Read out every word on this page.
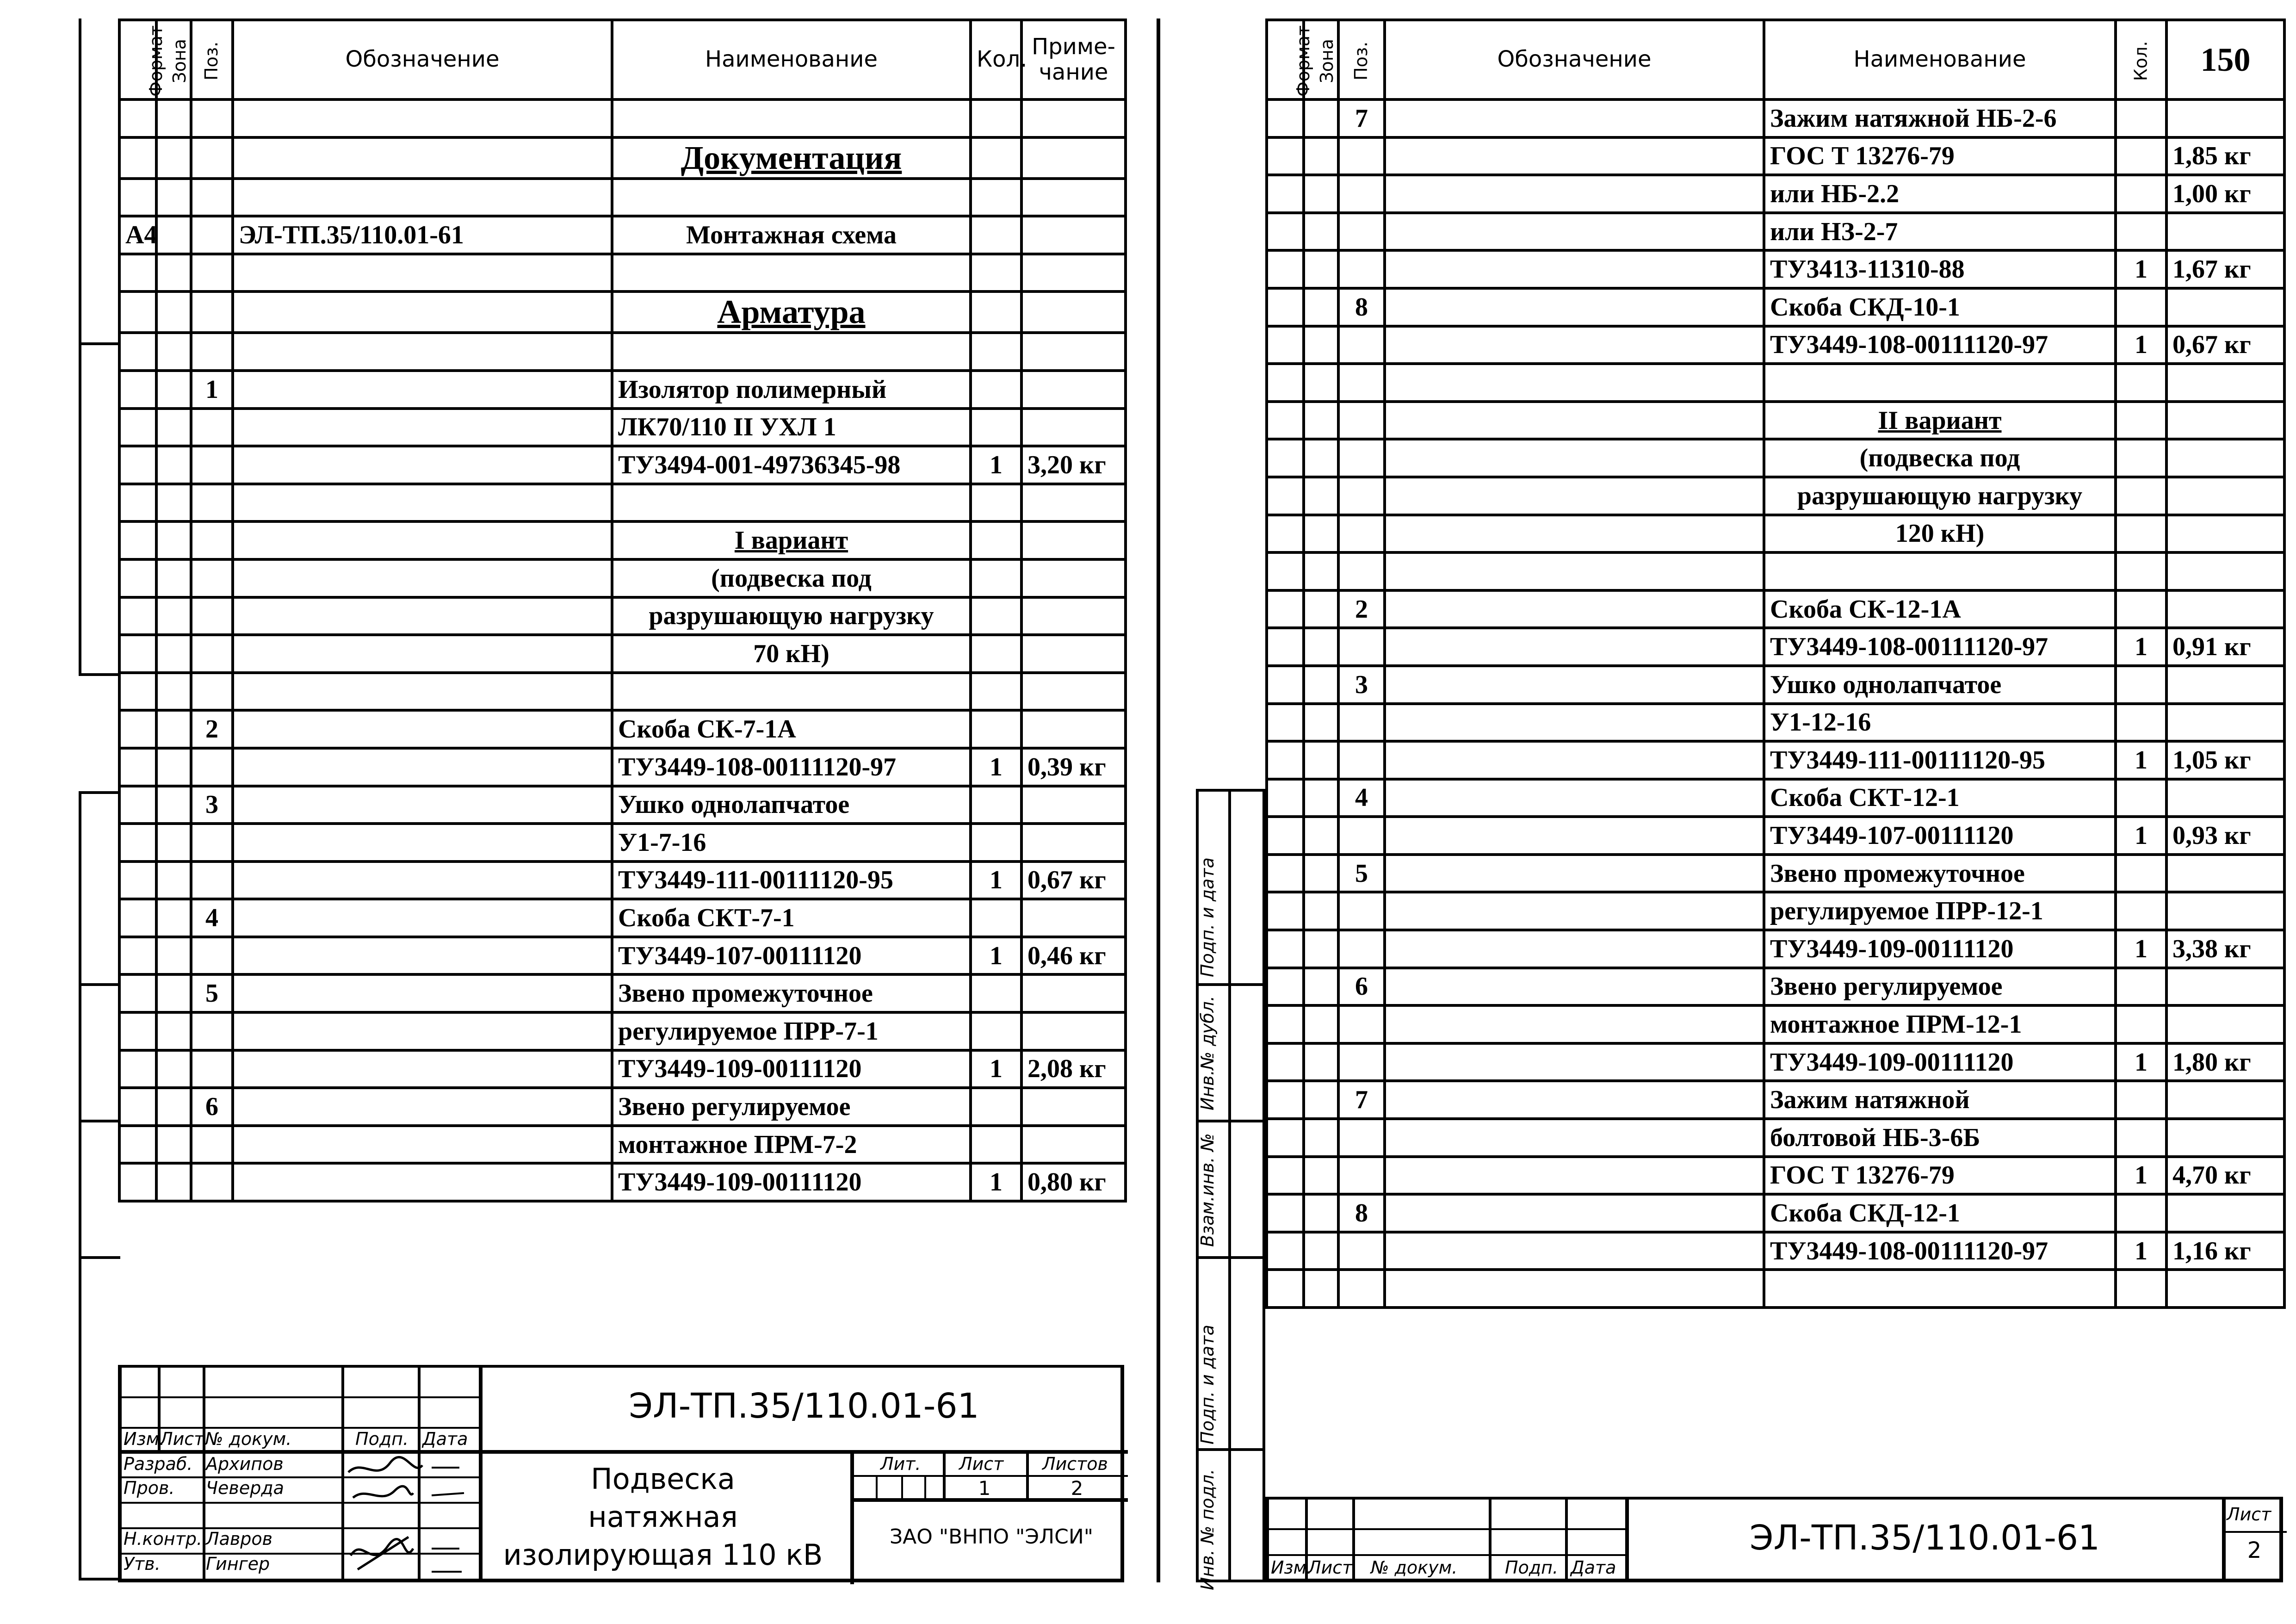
Формат	Зона	Поз.	Обозначение	Наименование	Кол.	Приме-
чание

				Документация		

А4			ЭЛ-ТП.35/110.01-61	Монтажная схема		

				Арматура		

		1		Изолятор полимерный		
				ЛК70/110 II УХЛ 1		
				ТУ3494-001-49736345-98	1	3,20 кг

				I вариант		
				(подвеска под		
				разрушающую нагрузку		
				70 кН)		

		2		Скоба СК-7-1А		
				ТУ3449-108-00111120-97	1	0,39 кг
		3		Ушко однолапчатое		
				У1-7-16		
				ТУ3449-111-00111120-95	1	0,67 кг
		4		Скоба СКТ-7-1		
				ТУ3449-107-00111120	1	0,46 кг
		5		Звено промежуточное		
				регулируемое ПРР-7-1		
				ТУ3449-109-00111120	1	2,08 кг
		6		Звено регулируемое		
				монтажное ПРМ-7-2		
				ТУ3449-109-00111120	1	0,80 кг
Изм.
Лист № докум.	Подп. Дата
Разраб. Архипов
Пров. Чеверда
Н.контр. Лавров
Утв.	Гингер
ЭЛ-ТП.35/110.01-61
Подвеска
натяжная
изолирующая 110 кВ
Лит. Лист Листов
1	2
ЗАО "ВНПО "ЭЛСИ"
Подп. и дата
Инв.№ дубл.
Взам.инв. №
Подп. и дата
Инв. № подл.
Формат	Зона	Поз.	Обозначение	Наименование	Кол.	150
		7		Зажим натяжной НБ-2-6		
				ГОС Т 13276-79		1,85 кг
				или НБ-2.2		1,00 кг
				или НЗ-2-7		
				ТУ3413-11310-88	1	1,67 кг
		8		Скоба СКД-10-1		
				ТУ3449-108-00111120-97	1	0,67 кг

				II вариант		
				(подвеска под		
				разрушающую нагрузку		
				120 кН)		

		2		Скоба СК-12-1А		
				ТУ3449-108-00111120-97	1	0,91 кг
		3		Ушко однолапчатое		
				У1-12-16		
				ТУ3449-111-00111120-95	1	1,05 кг
		4		Скоба СКТ-12-1		
				ТУ3449-107-00111120	1	0,93 кг
		5		Звено промежуточное		
				регулируемое ПРР-12-1		
				ТУ3449-109-00111120	1	3,38 кг
		6		Звено регулируемое		
				монтажное ПРМ-12-1		
				ТУ3449-109-00111120	1	1,80 кг
		7		Зажим натяжной		
				болтовой НБ-3-6Б		
				ГОС Т 13276-79	1	4,70 кг
		8		Скоба СКД-12-1		
				ТУ3449-108-00111120-97	1	1,16 кг

Изм.
Лист № докум.	Подп. Дата
ЭЛ-ТП.35/110.01-61
Лист
2
